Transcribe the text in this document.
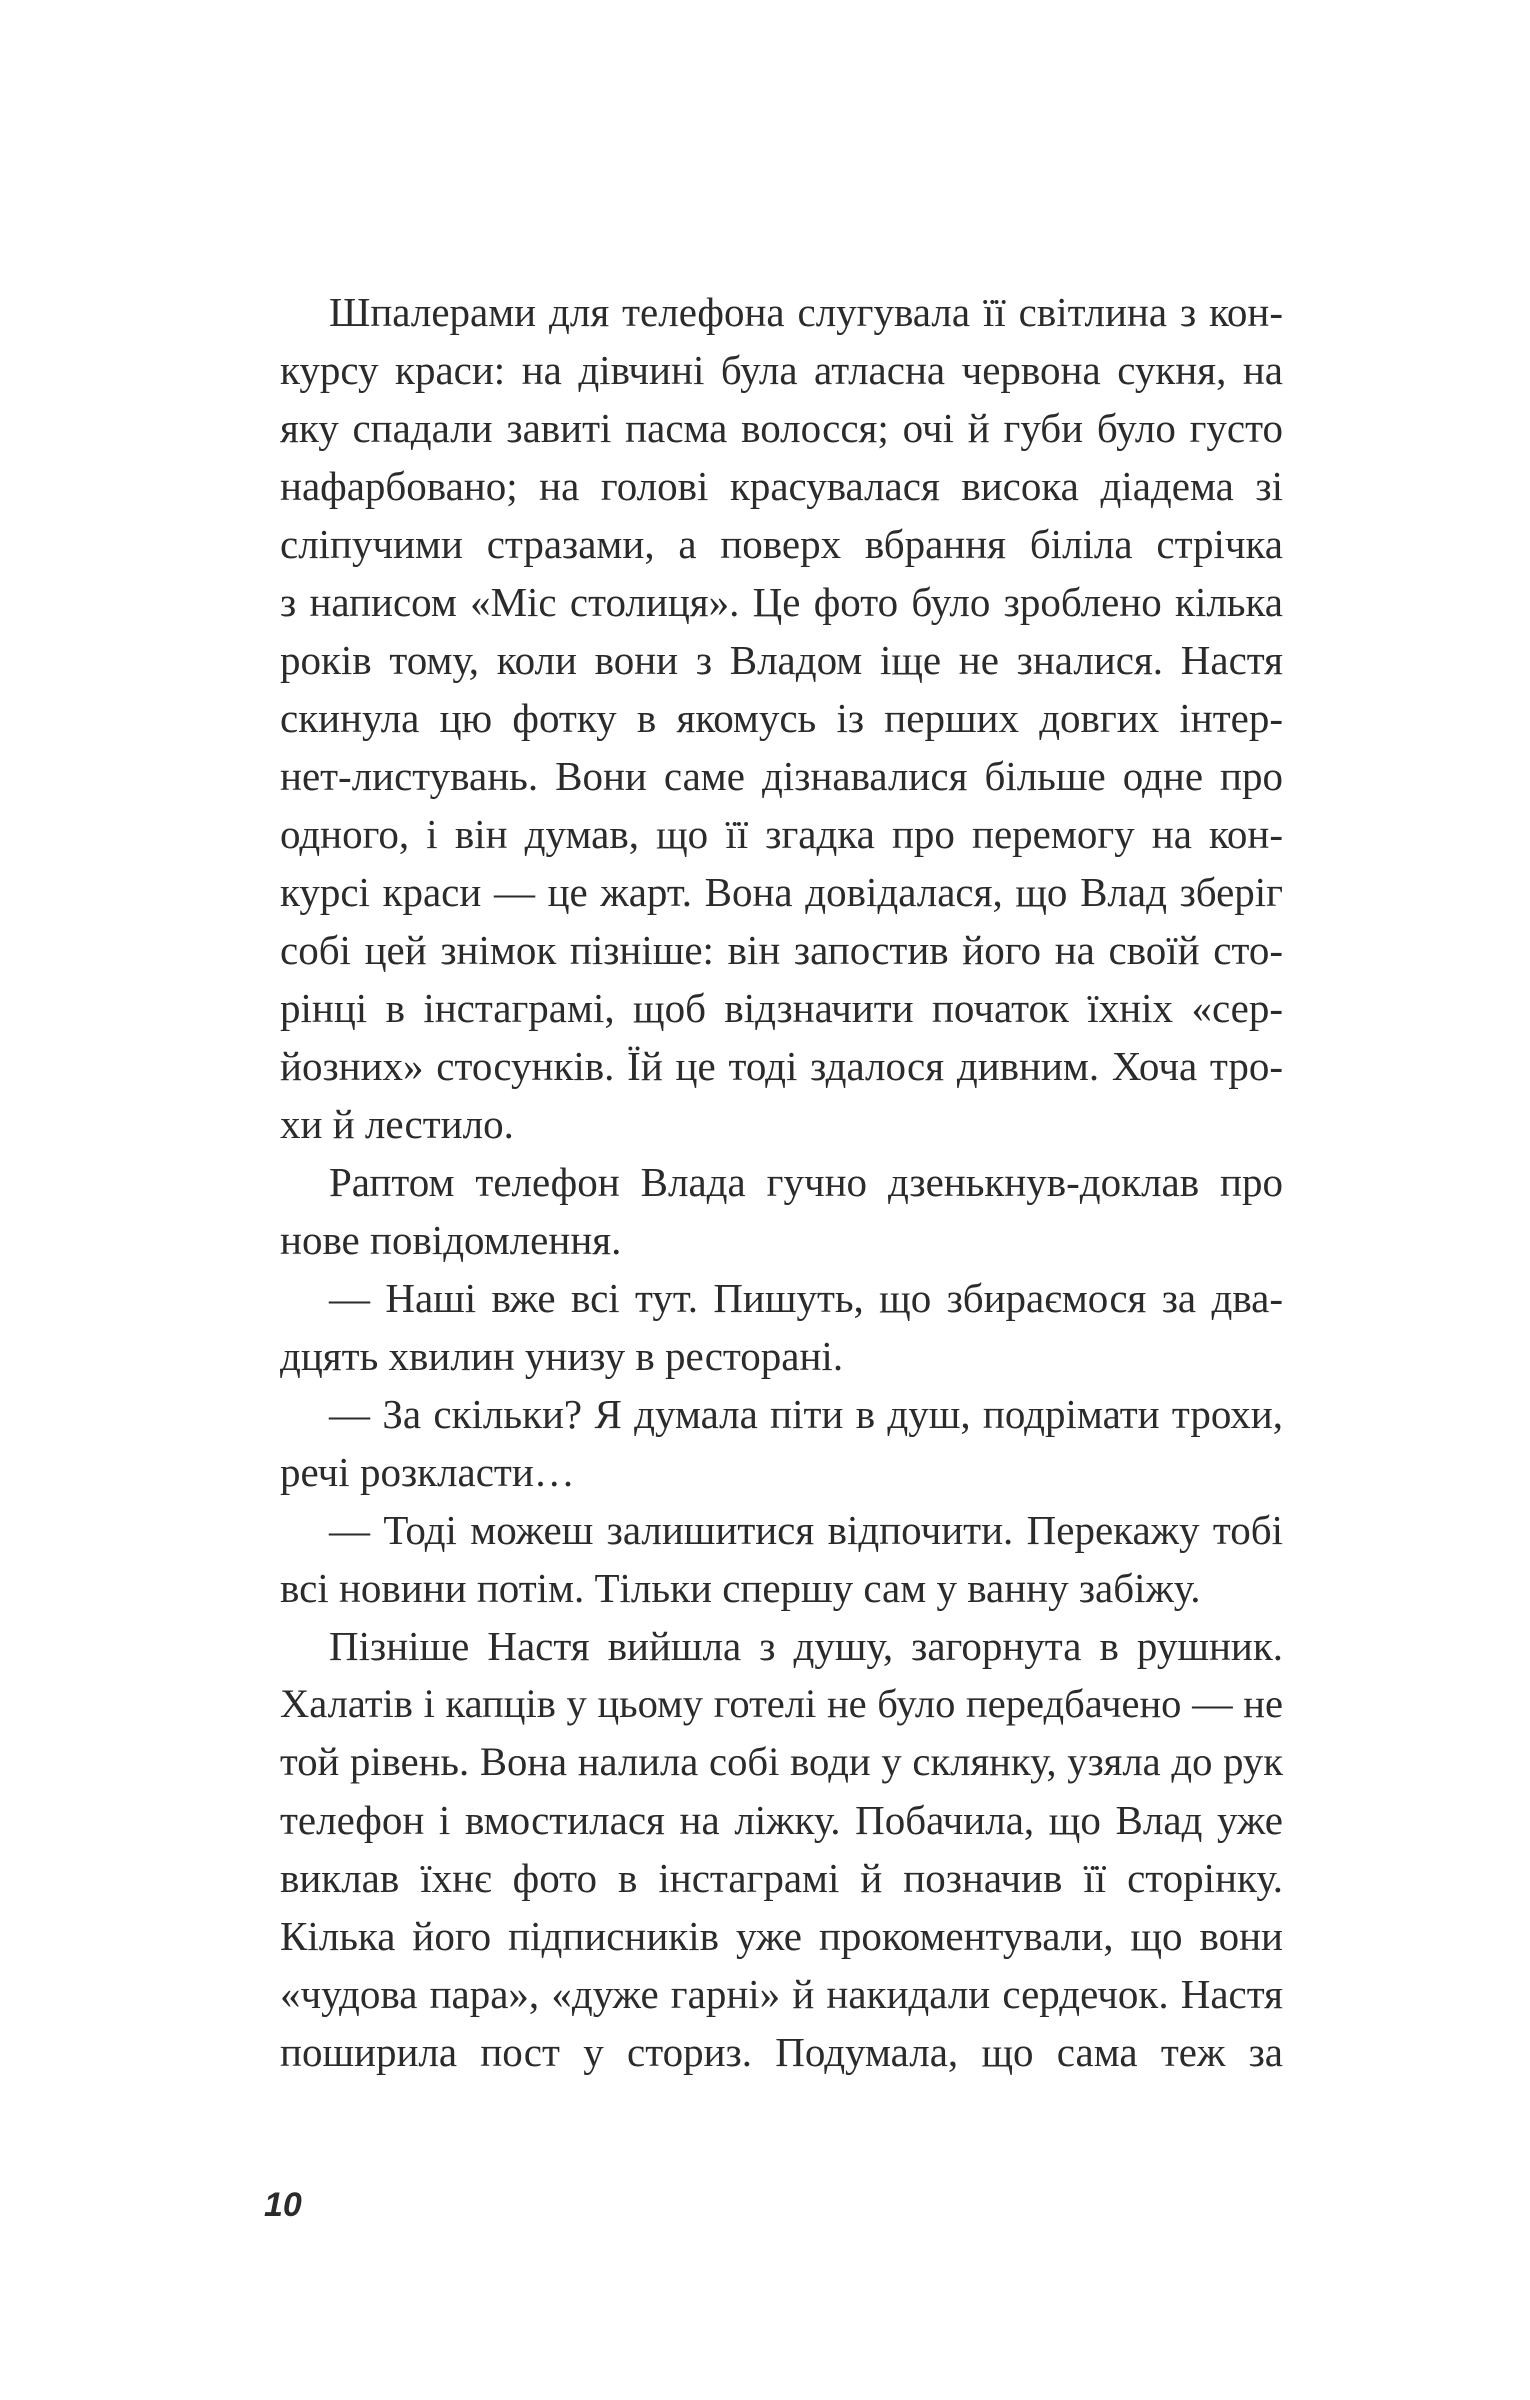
Шпалерами для телефона слугувала її світлина з кон-
курсу краси: на дівчині була атласна червона сукня, на
яку спадали завиті пасма волосся; очі й губи було густо
нафарбовано; на голові красувалася висока діадема зі
сліпучими стразами, а поверх вбрання біліла стрічка
з написом «Міс столиця». Це фото було зроблено кілька
років тому, коли вони з Владом іще не зналися. Настя
скинула цю фотку в якомусь із перших довгих інтер-
нет-листувань. Вони саме дізнавалися більше одне про
одного, і він думав, що її згадка про перемогу на кон-
курсі краси — це жарт. Вона довідалася, що Влад зберіг
собі цей знімок пізніше: він запостив його на своїй сто-
рінці в інстаграмі, щоб відзначити початок їхніх «сер-
йозних» стосунків. Їй це тоді здалося дивним. Хоча тро-
хи й лестило.
Раптом телефон Влада гучно дзенькнув-доклав про
нове повідомлення.
— Наші вже всі тут. Пишуть, що збираємося за два-
дцять хвилин унизу в ресторані.
— За скільки? Я думала піти в душ, подрімати трохи,
речі розкласти…
— Тоді можеш залишитися відпочити. Перекажу тобі
всі новини потім. Тільки спершу сам у ванну забіжу.
Пізніше Настя вийшла з душу, загорнута в рушник.
Халатів і капців у цьому готелі не було передбачено — не
той рівень. Вона налила собі води у склянку, узяла до рук
телефон і вмостилася на ліжку. Побачила, що Влад уже
виклав їхнє фото в інстаграмі й позначив її сторінку.
Кілька його підписників уже прокоментували, що вони
«чудова пара», «дуже гарні» й накидали сердечок. Настя
поширила пост у сториз. Подумала, що сама теж за
10
